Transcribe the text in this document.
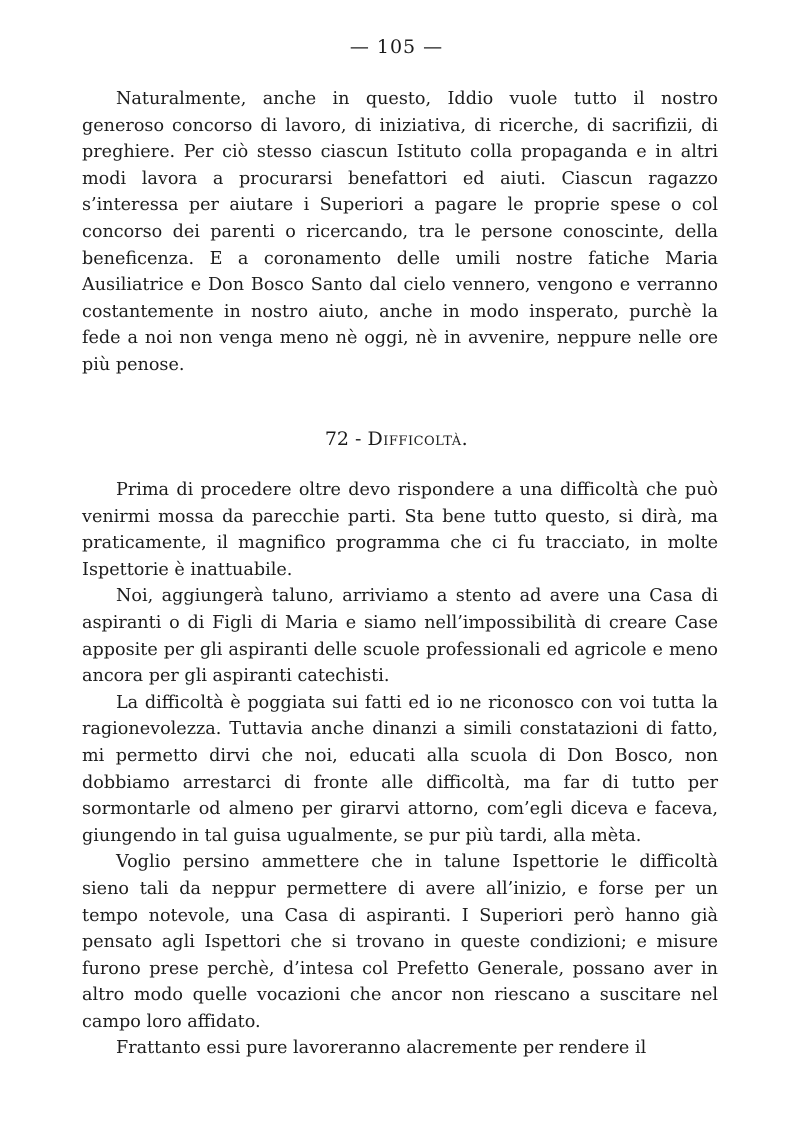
— 105 —

Naturalmente, anche in questo, Iddio vuole tutto il nostro generoso concorso di lavoro, di iniziativa, di ricerche, di sacrifizii, di preghiere. Per ciò stesso ciascun Istituto colla propaganda e in altri modi lavora a procurarsi benefattori ed aiuti. Ciascun ragazzo s’interessa per aiutare i Superiori a pagare le proprie spese o col concorso dei parenti o ricercando, tra le persone conoscinte, della beneficenza. E a coronamento delle umili nostre fatiche Maria Ausiliatrice e Don Bosco Santo dal cielo vennero, vengono e verranno costantemente in nostro aiuto, anche in modo insperato, purchè la fede a noi non venga meno nè oggi, nè in avvenire, neppure nelle ore più penose.

72 - Difficoltà.

Prima di procedere oltre devo rispondere a una difficoltà che può venirmi mossa da parecchie parti. Sta bene tutto questo, si dirà, ma praticamente, il magnifico programma che ci fu tracciato, in molte Ispettorie è inattuabile.

Noi, aggiungerà taluno, arriviamo a stento ad avere una Casa di aspiranti o di Figli di Maria e siamo nell’impossibilità di creare Case apposite per gli aspiranti delle scuole professionali ed agricole e meno ancora per gli aspiranti catechisti.

La difficoltà è poggiata sui fatti ed io ne riconosco con voi tutta la ragionevolezza. Tuttavia anche dinanzi a simili constatazioni di fatto, mi permetto dirvi che noi, educati alla scuola di Don Bosco, non dobbiamo arrestarci di fronte alle difficoltà, ma far di tutto per sormontarle od almeno per girarvi attorno, com’egli diceva e faceva, giungendo in tal guisa ugualmente, se pur più tardi, alla mèta.

Voglio persino ammettere che in talune Ispettorie le difficoltà sieno tali da neppur permettere di avere all’inizio, e forse per un tempo notevole, una Casa di aspiranti. I Superiori però hanno già pensato agli Ispettori che si trovano in queste condizioni; e misure furono prese perchè, d’intesa col Prefetto Generale, possano aver in altro modo quelle vocazioni che ancor non riescano a suscitare nel campo loro affidato.

Frattanto essi pure lavoreranno alacremente per rendere il
